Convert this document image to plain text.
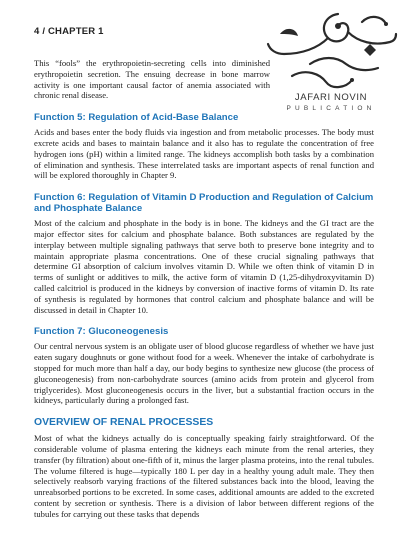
4 / CHAPTER 1
JAFARI NOVIN
PUBLICATION

This “fools” the erythropoietin-secreting cells into diminished erythropoietin secretion. The ensuing decrease in bone marrow activity is one important causal factor of anemia associated with chronic renal disease.

Function 5: Regulation of Acid-Base Balance

Acids and bases enter the body fluids via ingestion and from metabolic processes. The body must excrete acids and bases to maintain balance and it also has to regulate the concentration of free hydrogen ions (pH) within a limited range. The kidneys accomplish both tasks by a combination of elimination and synthesis. These interrelated tasks are important aspects of renal function and will be explored thoroughly in Chapter 9.

Function 6: Regulation of Vitamin D Production and Regulation of Calcium and Phosphate Balance

Most of the calcium and phosphate in the body is in bone. The kidneys and the GI tract are the major effector sites for calcium and phosphate balance. Both substances are regulated by the interplay between multiple signaling pathways that serve both to preserve bone integrity and to maintain appropriate plasma concentrations. One of these crucial signaling pathways that determine GI absorption of calcium involves vitamin D. While we often think of vitamin D in terms of sunlight or additives to milk, the active form of vitamin D (1,25-dihydroxyvitamin D) called calcitriol is produced in the kidneys by conversion of inactive forms of vitamin D. Its rate of synthesis is regulated by hormones that control calcium and phosphate balance and will be discussed in detail in Chapter 10.

Function 7: Gluconeogenesis

Our central nervous system is an obligate user of blood glucose regardless of whether we have just eaten sugary doughnuts or gone without food for a week. Whenever the intake of carbohydrate is stopped for much more than half a day, our body begins to synthesize new glucose (the process of gluconeogenesis) from non-carbohydrate sources (amino acids from protein and glycerol from triglycerides). Most gluconeogenesis occurs in the liver, but a substantial fraction occurs in the kidneys, particularly during a prolonged fast.

OVERVIEW OF RENAL PROCESSES

Most of what the kidneys actually do is conceptually speaking fairly straightforward. Of the considerable volume of plasma entering the kidneys each minute from the renal arteries, they transfer (by filtration) about one-fifth of it, minus the larger plasma proteins, into the renal tubules. The volume filtered is huge—typically 180 L per day in a healthy young adult male. They then selectively reabsorb varying fractions of the filtered substances back into the blood, leaving the unreabsorbed portions to be excreted. In some cases, additional amounts are added to the excreted content by secretion or synthesis. There is a division of labor between different regions of the tubules for carrying out these tasks that depends
